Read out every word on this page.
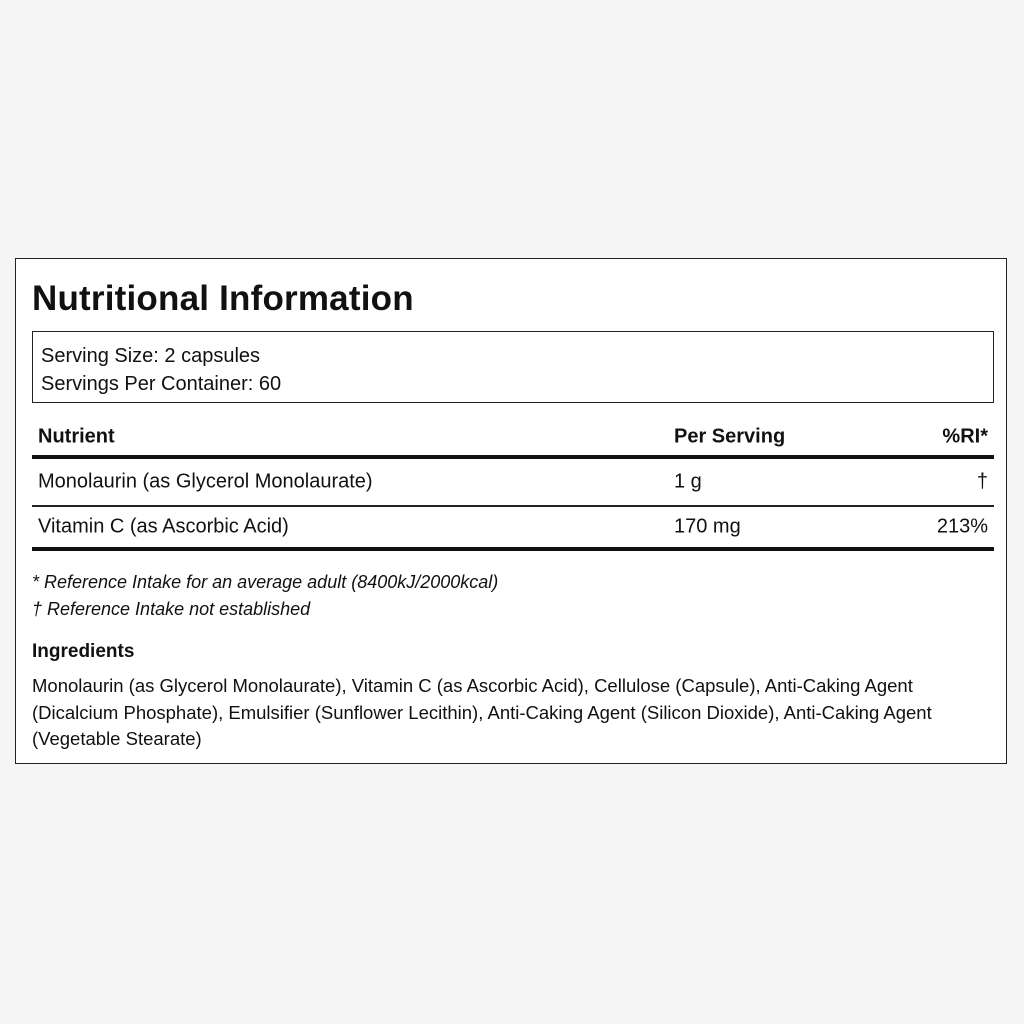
Nutritional Information
Serving Size: 2 capsules
Servings Per Container: 60
Nutrient	Per Serving	%RI*
Monolaurin (as Glycerol Monolaurate)	1 g	†
Vitamin C (as Ascorbic Acid)	170 mg	213%
* Reference Intake for an average adult (8400kJ/2000kcal)
† Reference Intake not established
Ingredients

Monolaurin (as Glycerol Monolaurate), Vitamin C (as Ascorbic Acid), Cellulose (Capsule), Anti-Caking Agent (Dicalcium Phosphate), Emulsifier (Sunflower Lecithin), Anti-Caking Agent (Silicon Dioxide), Anti-Caking Agent (Vegetable Stearate)
